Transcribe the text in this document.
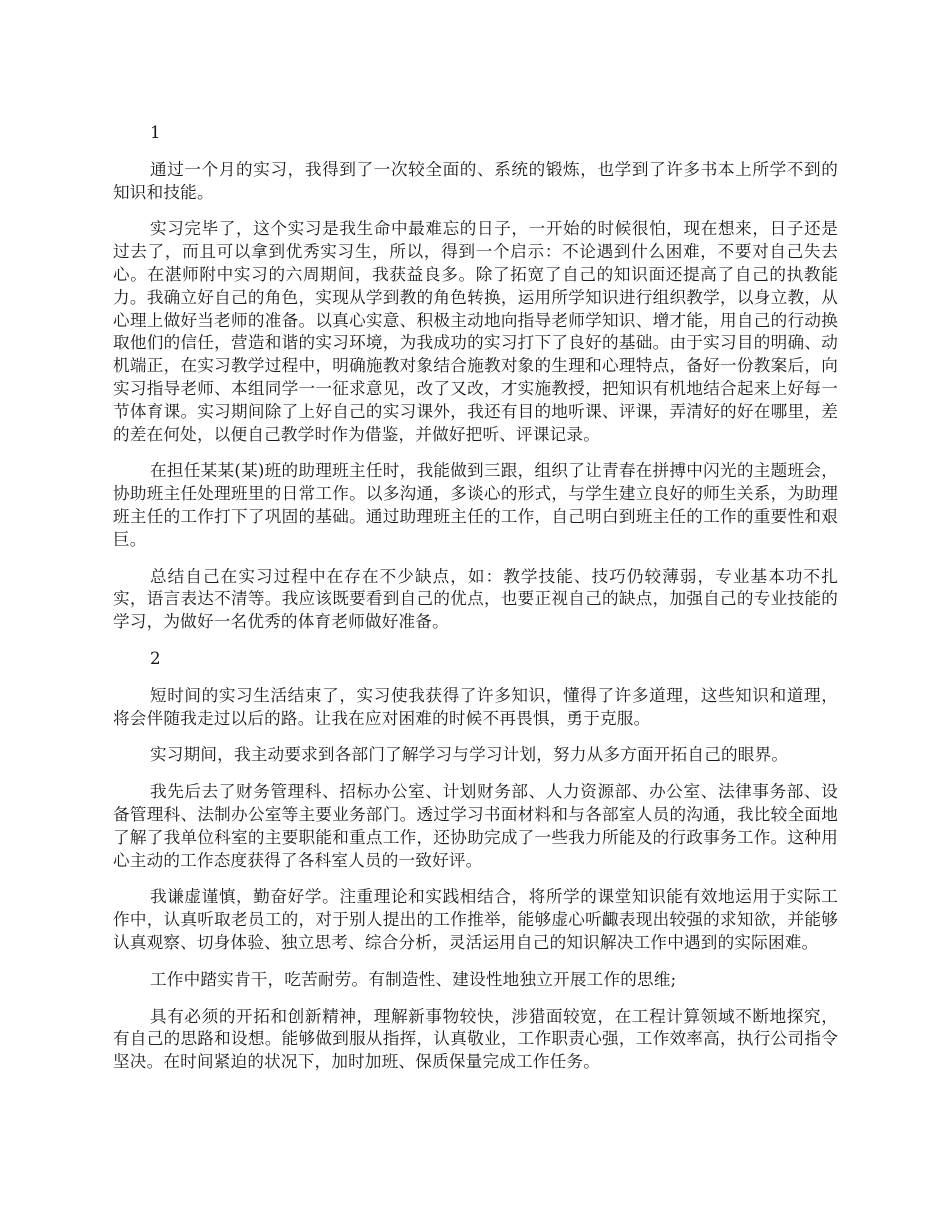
1

通过一个月的实习，我得到了一次较全面的、系统的锻炼，也学到了许多书本上所学不到的知识和技能。

实习完毕了，这个实习是我生命中最难忘的日子，一开始的时候很怕，现在想来，日子还是过去了，而且可以拿到优秀实习生，所以，得到一个启示：不论遇到什么困难，不要对自己失去心。在湛师附中实习的六周期间，我获益良多。除了拓宽了自己的知识面还提高了自己的执教能力。我确立好自己的角色，实现从学到教的角色转换，运用所学知识进行组织教学，以身立教，从心理上做好当老师的准备。以真心实意、积极主动地向指导老师学知识、增才能，用自己的行动换取他们的信任，营造和谐的实习环境，为我成功的实习打下了良好的基础。由于实习目的明确、动机端正，在实习教学过程中，明确施教对象结合施教对象的生理和心理特点，备好一份教案后，向实习指导老师、本组同学一一征求意见，改了又改，才实施教授，把知识有机地结合起来上好每一节体育课。实习期间除了上好自己的实习课外，我还有目的地听课、评课，弄清好的好在哪里，差的差在何处，以便自己教学时作为借鉴，并做好把听、评课记录。

在担任某某(某)班的助理班主任时，我能做到三跟，组织了让青春在拼搏中闪光的主题班会，协助班主任处理班里的日常工作。以多沟通，多谈心的形式，与学生建立良好的师生关系，为助理班主任的工作打下了巩固的基础。通过助理班主任的工作，自己明白到班主任的工作的重要性和艰巨。

总结自己在实习过程中在存在不少缺点，如：教学技能、技巧仍较薄弱，专业基本功不扎实，语言表达不清等。我应该既要看到自己的优点，也要正视自己的缺点，加强自己的专业技能的学习，为做好一名优秀的体育老师做好准备。

2

短时间的实习生活结束了，实习使我获得了许多知识，懂得了许多道理，这些知识和道理，将会伴随我走过以后的路。让我在应对困难的时候不再畏惧，勇于克服。

实习期间，我主动要求到各部门了解学习与学习计划，努力从多方面开拓自己的眼界。

我先后去了财务管理科、招标办公室、计划财务部、人力资源部、办公室、法律事务部、设备管理科、法制办公室等主要业务部门。透过学习书面材料和与各部室人员的沟通，我比较全面地了解了我单位科室的主要职能和重点工作，还协助完成了一些我力所能及的行政事务工作。这种用心主动的工作态度获得了各科室人员的一致好评。

我谦虚谨慎，勤奋好学。注重理论和实践相结合，将所学的课堂知识能有效地运用于实际工作中，认真听取老员工的，对于别人提出的工作推举，能够虚心听齱表现出较强的求知欲，并能够认真观察、切身体验、独立思考、综合分析，灵活运用自己的知识解决工作中遇到的实际困难。

工作中踏实肯干，吃苦耐劳。有制造性、建设性地独立开展工作的思维;

具有必须的开拓和创新精神，理解新事物较快，涉猎面较宽，在工程计算领域不断地探究，有自己的思路和设想。能够做到服从指挥，认真敬业，工作职责心强，工作效率高，执行公司指令坚决。在时间紧迫的状况下，加时加班、保质保量完成工作任务。
